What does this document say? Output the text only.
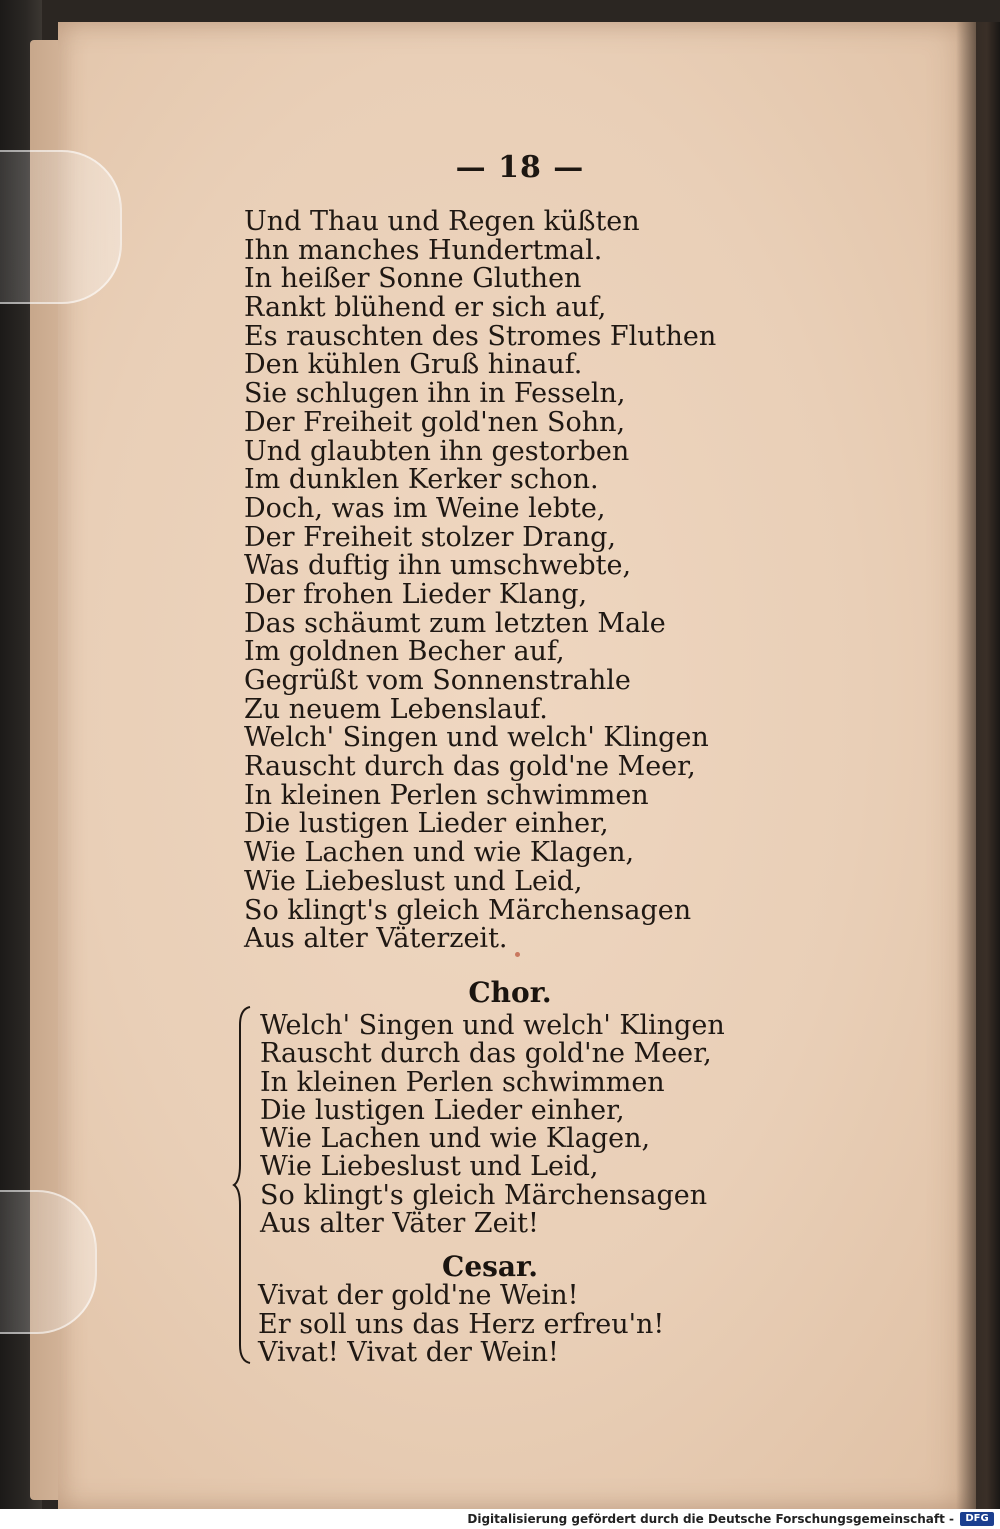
— 18 —
Und Thau und Regen küßten
Ihn manches Hundertmal.
In heißer Sonne Gluthen
Rankt blühend er sich auf,
Es rauschten des Stromes Fluthen
Den kühlen Gruß hinauf.
Sie schlugen ihn in Fesseln,
Der Freiheit gold'nen Sohn,
Und glaubten ihn gestorben
Im dunklen Kerker schon.
Doch, was im Weine lebte,
Der Freiheit stolzer Drang,
Was duftig ihn umschwebte,
Der frohen Lieder Klang,
Das schäumt zum letzten Male
Im goldnen Becher auf,
Gegrüßt vom Sonnenstrahle
Zu neuem Lebenslauf.
Welch' Singen und welch' Klingen
Rauscht durch das gold'ne Meer,
In kleinen Perlen schwimmen
Die lustigen Lieder einher,
Wie Lachen und wie Klagen,
Wie Liebeslust und Leid,
So klingt's gleich Märchensagen
Aus alter Väterzeit.
Chor.
Welch' Singen und welch' Klingen
Rauscht durch das gold'ne Meer,
In kleinen Perlen schwimmen
Die lustigen Lieder einher,
Wie Lachen und wie Klagen,
Wie Liebeslust und Leid,
So klingt's gleich Märchensagen
Aus alter Väter Zeit!
Cesar.
Vivat der gold'ne Wein!
Er soll uns das Herz erfreu'n!
Vivat! Vivat der Wein!
Digitalisierung gefördert durch die Deutsche Forschungsgemeinschaft -	DFG
